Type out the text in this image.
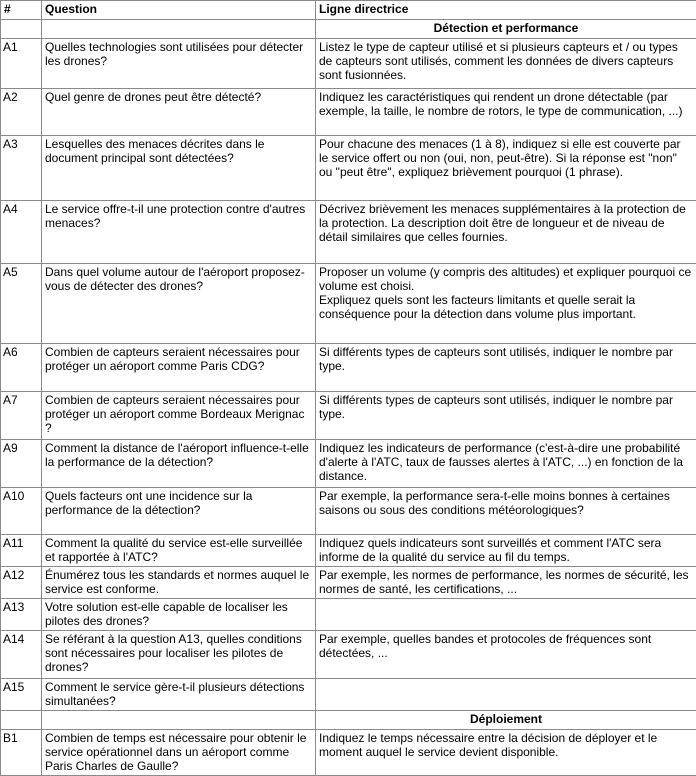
#	Question	Ligne directrice
		Détection et performance
A1	Quelles technologies sont utilisées pour détecter les drones?	Listez le type de capteur utilisé et si plusieurs capteurs et / ou types de capteurs sont utilisés, comment les données de divers capteurs sont fusionnées.

A2	Quel genre de drones peut être détecté?	Indiquez les caractéristiques qui rendent un drone détectable (par exemple, la taille, le nombre de rotors, le type de communication, ...)

A3	Lesquelles des menaces décrites dans le document principal sont détectées?	Pour chacune des menaces (1 à 8), indiquez si elle est couverte par le service offert ou non (oui, non, peut-être). Si la réponse est "non" ou "peut être", expliquez brièvement pourquoi (1 phrase).

A4	Le service offre-t-il une protection contre d'autres menaces?	Décrivez brièvement les menaces supplémentaires à la protection de la protection. La description doit être de longueur et de niveau de détail similaires que celles fournies.

A5	Dans quel volume autour de l'aéroport proposez-vous de détecter des drones?	Proposer un volume (y compris des altitudes) et expliquer pourquoi ce volume est choisi.
Expliquez quels sont les facteurs limitants et quelle serait la conséquence pour la détection dans volume plus important.

A6	Combien de capteurs seraient nécessaires pour protéger un aéroport comme Paris CDG?	Si différents types de capteurs sont utilisés, indiquer le nombre par type.

A7	Combien de capteurs seraient nécessaires pour protéger un aéroport comme Bordeaux Merignac ?	Si différents types de capteurs sont utilisés, indiquer le nombre par type.

A9	Comment la distance de l'aéroport influence-t-elle la performance de la détection?	Indiquez les indicateurs de performance (c'est-à-dire une probabilité d'alerte à l'ATC, taux de fausses alertes à l'ATC, ...) en fonction de la distance.

A10	Quels facteurs ont une incidence sur la performance de la détection?	Par exemple, la performance sera-t-elle moins bonnes à certaines saisons ou sous des conditions météorologiques?

A11	Comment la qualité du service est-elle surveillée et rapportée à l'ATC?	Indiquez quels indicateurs sont surveillés et comment l'ATC sera informe de la qualité du service au fil du temps.

A12	Énumérez tous les standards et normes auquel le service est conforme.	Par exemple, les normes de performance, les normes de sécurité, les normes de santé, les certifications, ...

A13	Votre solution est-elle capable de localiser les pilotes des drones?	
A14	Se référant à la question A13, quelles conditions sont nécessaires pour localiser les pilotes de drones?	Par exemple, quelles bandes et protocoles de fréquences sont détectées, ...

A15	Comment le service gère-t-il plusieurs détections simultanées?	
		Déploiement
B1	Combien de temps est nécessaire pour obtenir le service opérationnel dans un aéroport comme Paris Charles de Gaulle?	Indiquez le temps nécessaire entre la décision de déployer et le moment auquel le service devient disponible.
